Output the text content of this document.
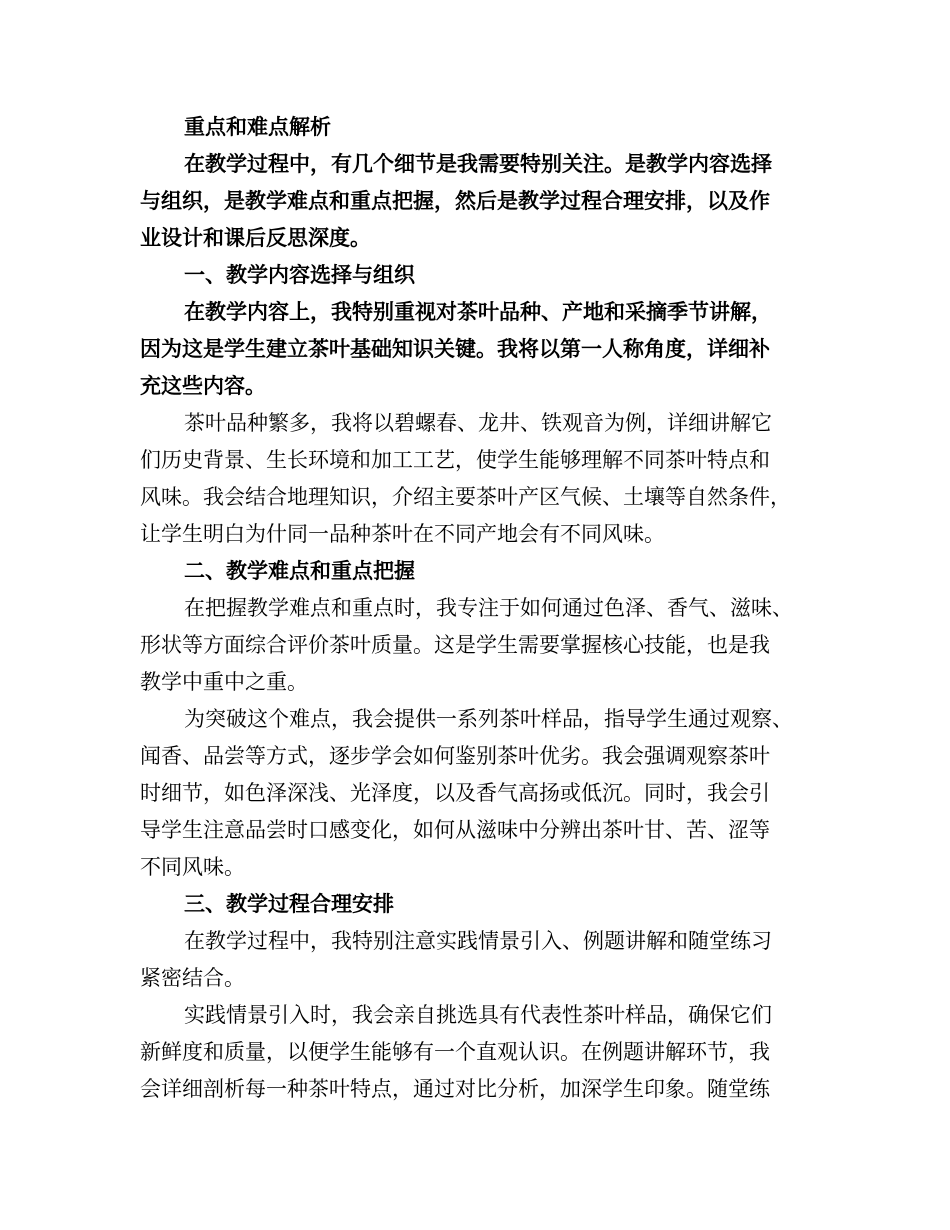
重点和难点解析
在教学过程中，有几个细节是我需要特别关注。是教学内容选择
与组织，是教学难点和重点把握，然后是教学过程合理安排，以及作
业设计和课后反思深度。
一、教学内容选择与组织
在教学内容上，我特别重视对茶叶品种、产地和采摘季节讲解，
因为这是学生建立茶叶基础知识关键。我将以第一人称角度，详细补
充这些内容。
茶叶品种繁多，我将以碧螺春、龙井、铁观音为例，详细讲解它
们历史背景、生长环境和加工工艺，使学生能够理解不同茶叶特点和
风味。我会结合地理知识，介绍主要茶叶产区气候、土壤等自然条件，
让学生明白为什同一品种茶叶在不同产地会有不同风味。
二、教学难点和重点把握
在把握教学难点和重点时，我专注于如何通过色泽、香气、滋味、
形状等方面综合评价茶叶质量。这是学生需要掌握核心技能，也是我
教学中重中之重。
为突破这个难点，我会提供一系列茶叶样品，指导学生通过观察、
闻香、品尝等方式，逐步学会如何鉴别茶叶优劣。我会强调观察茶叶
时细节，如色泽深浅、光泽度，以及香气高扬或低沉。同时，我会引
导学生注意品尝时口感变化，如何从滋味中分辨出茶叶甘、苦、涩等
不同风味。
三、教学过程合理安排
在教学过程中，我特别注意实践情景引入、例题讲解和随堂练习
紧密结合。
实践情景引入时，我会亲自挑选具有代表性茶叶样品，确保它们
新鲜度和质量，以便学生能够有一个直观认识。在例题讲解环节，我
会详细剖析每一种茶叶特点，通过对比分析，加深学生印象。随堂练
